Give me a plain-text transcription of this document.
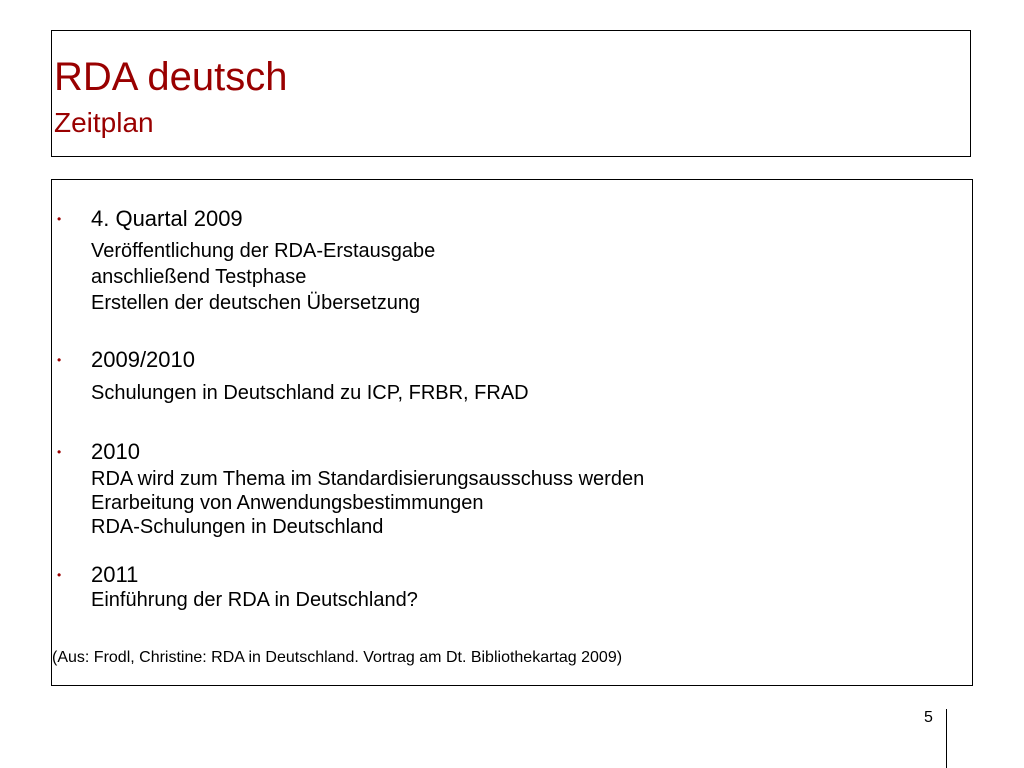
RDA deutsch
Zeitplan
• 4. Quartal 2009
Veröffentlichung der RDA-Erstausgabe
anschließend Testphase
Erstellen der deutschen Übersetzung
• 2009/2010
Schulungen in Deutschland zu ICP, FRBR, FRAD
• 2010
RDA wird zum Thema im Standardisierungsausschuss werden
Erarbeitung von Anwendungsbestimmungen
RDA-Schulungen in Deutschland
• 2011
Einführung der RDA in Deutschland?
(Aus: Frodl, Christine: RDA in Deutschland. Vortrag am Dt. Bibliothekartag 2009)
5
